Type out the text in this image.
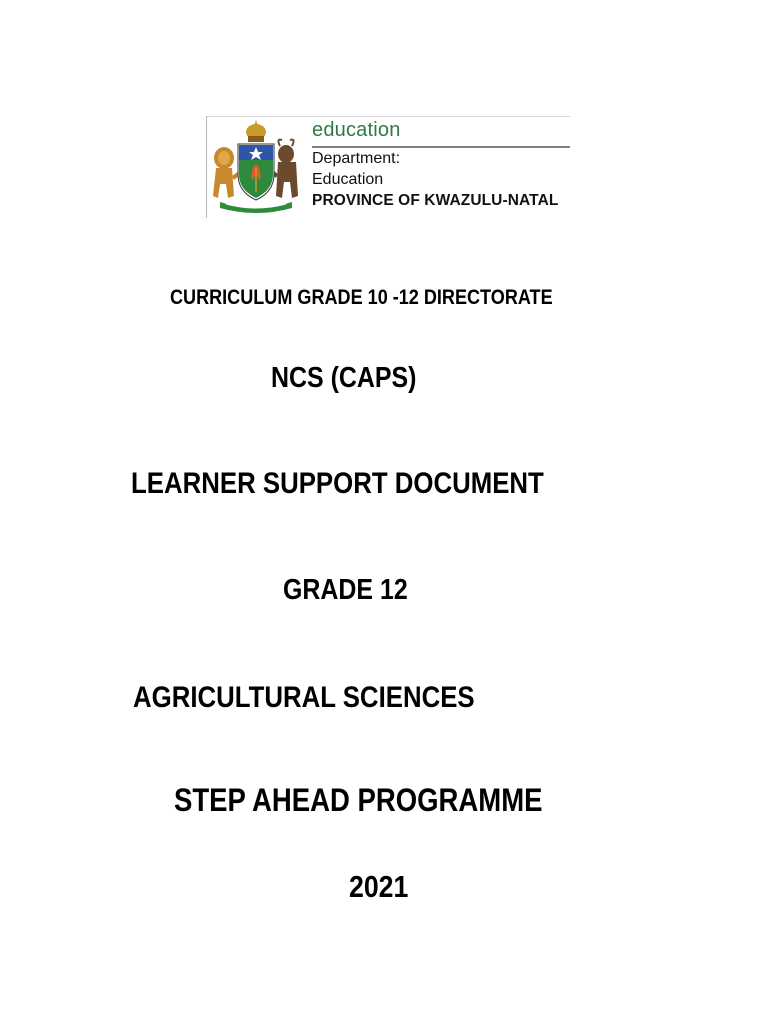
education
Department:
Education
PROVINCE OF KWAZULU-NATAL
CURRICULUM GRADE 10 -12 DIRECTORATE
NCS (CAPS)
LEARNER SUPPORT DOCUMENT
GRADE 12
AGRICULTURAL SCIENCES
STEP AHEAD PROGRAMME
2021
